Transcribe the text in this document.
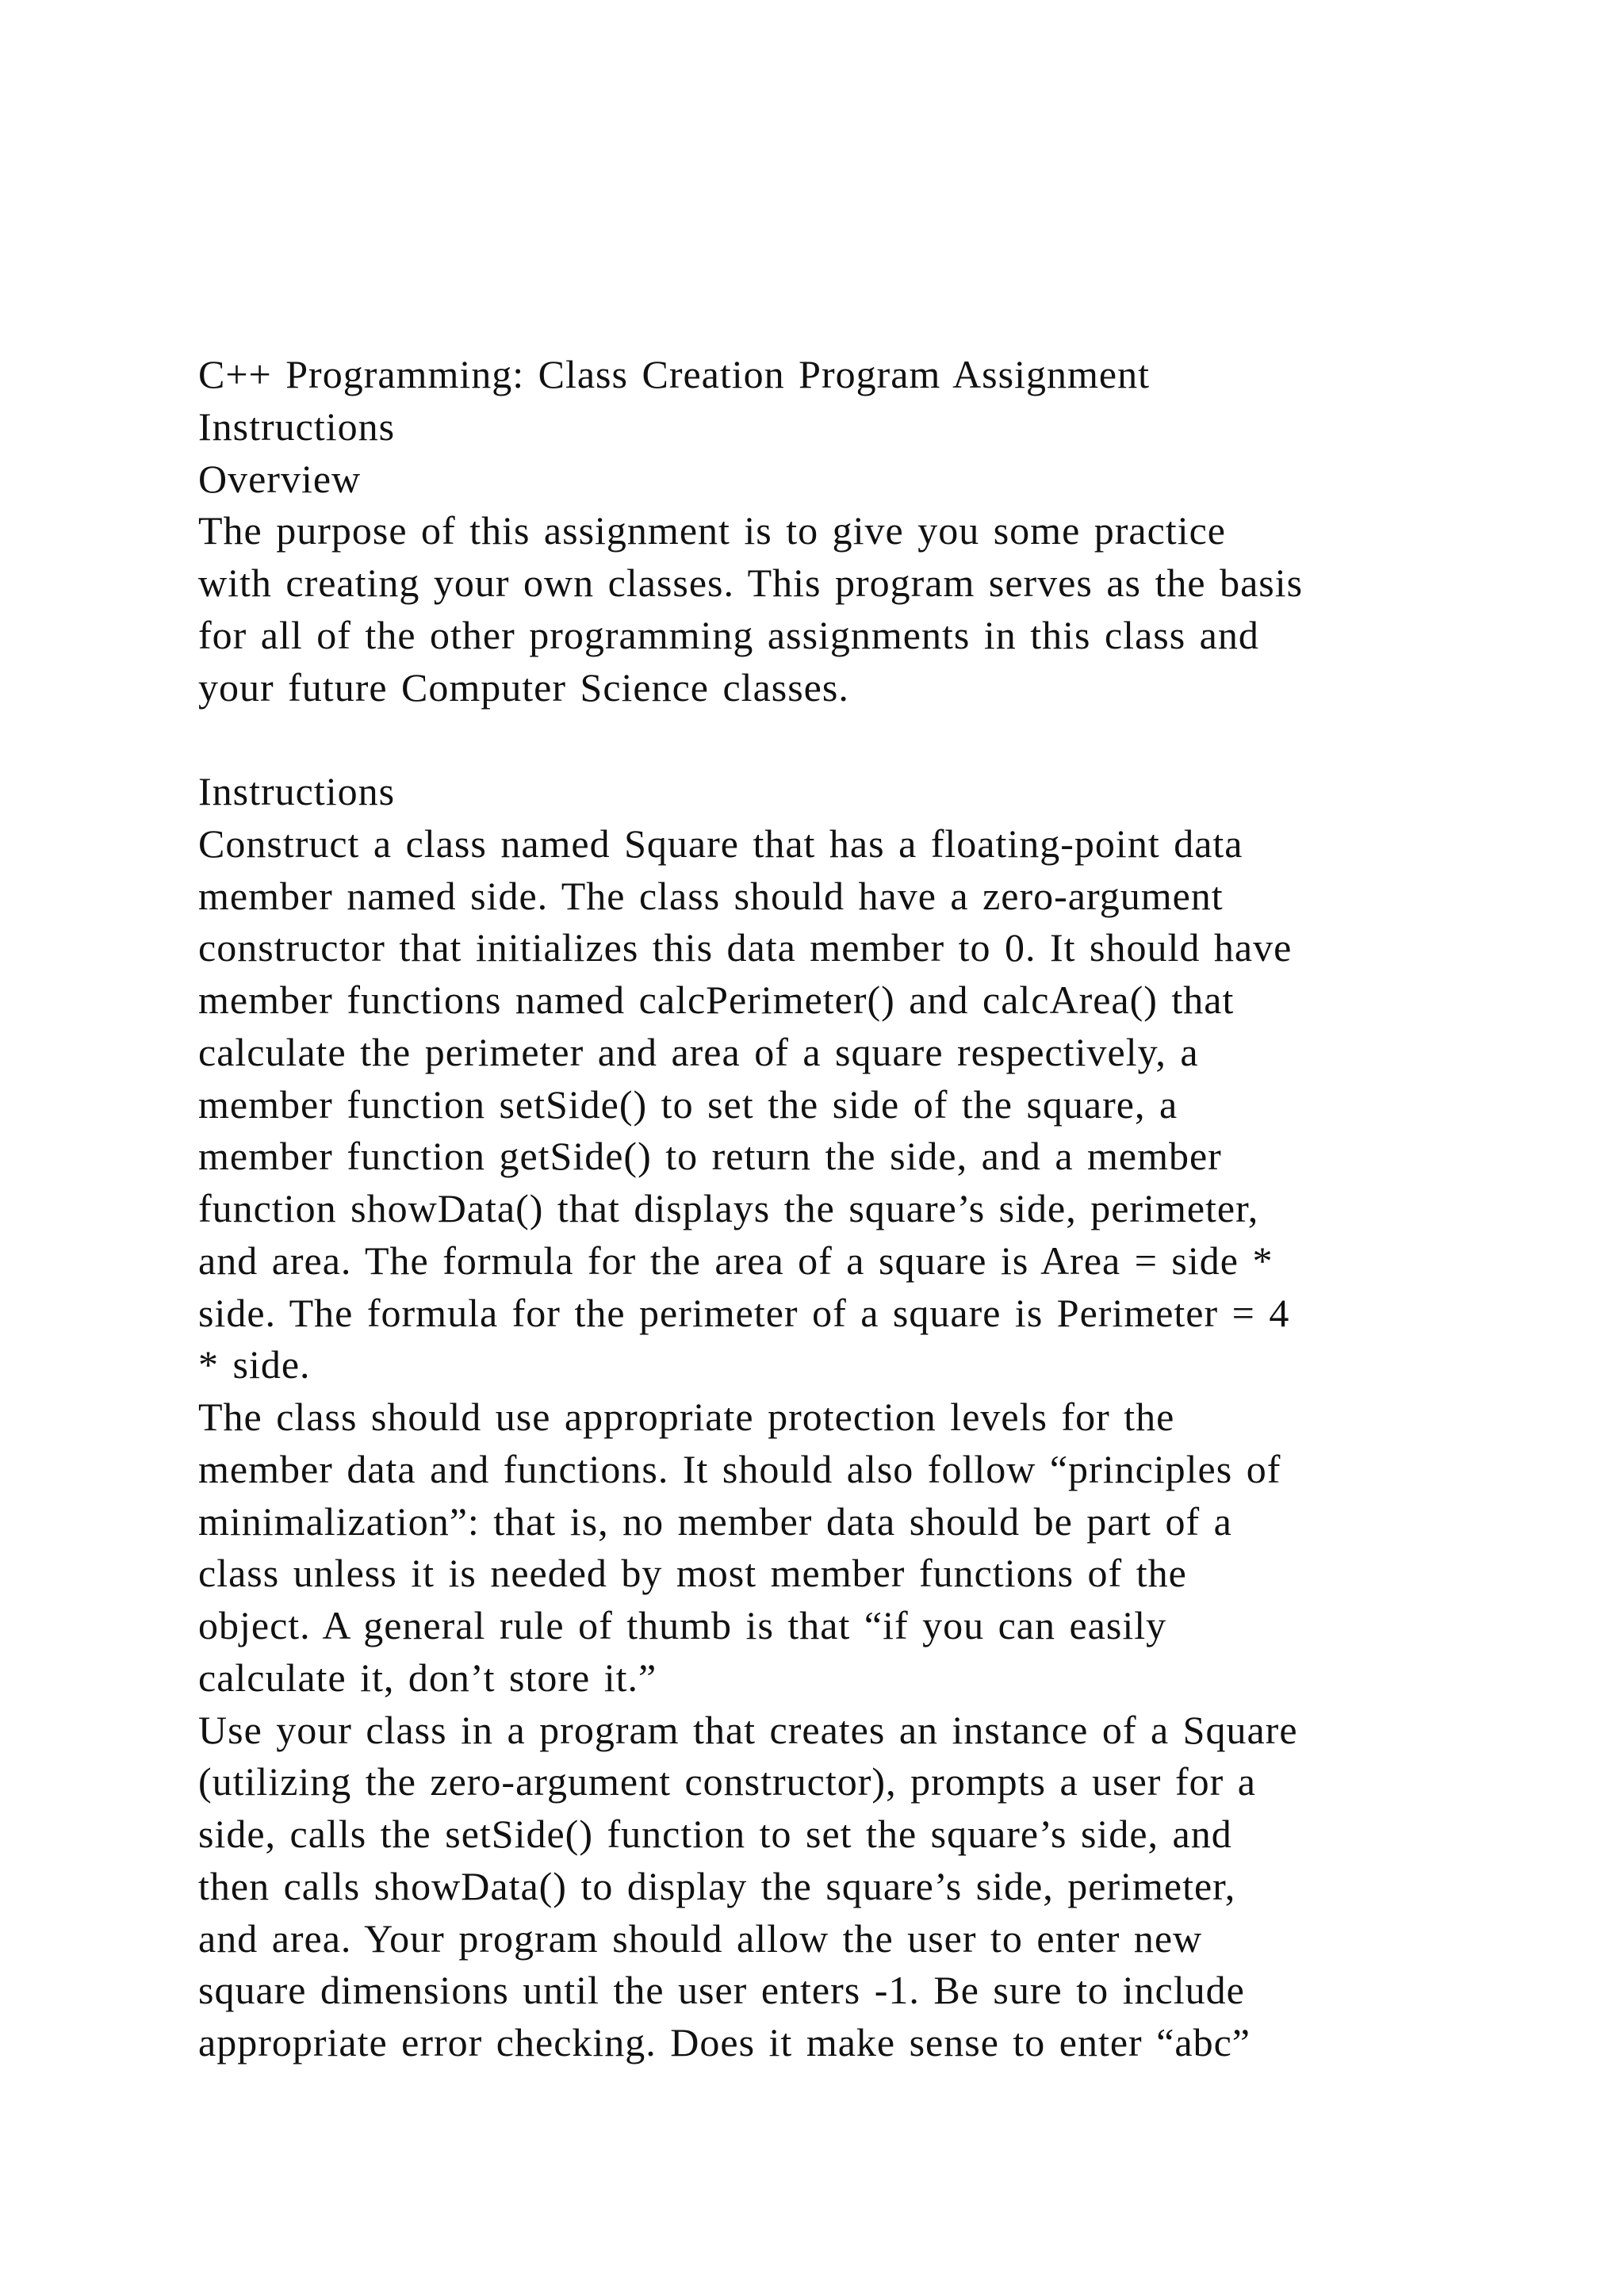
C++ Programming: Class Creation Program Assignment
Instructions
Overview
The purpose of this assignment is to give you some practice
with creating your own classes. This program serves as the basis
for all of the other programming assignments in this class and
your future Computer Science classes.
Instructions
Construct a class named Square that has a floating-point data
member named side. The class should have a zero-argument
constructor that initializes this data member to 0. It should have
member functions named calcPerimeter() and calcArea() that
calculate the perimeter and area of a square respectively, a
member function setSide() to set the side of the square, a
member function getSide() to return the side, and a member
function showData() that displays the square’s side, perimeter,
and area. The formula for the area of a square is Area = side *
side. The formula for the perimeter of a square is Perimeter = 4
* side.
The class should use appropriate protection levels for the
member data and functions. It should also follow “principles of
minimalization”: that is, no member data should be part of a
class unless it is needed by most member functions of the
object. A general rule of thumb is that “if you can easily
calculate it, don’t store it.”
Use your class in a program that creates an instance of a Square
(utilizing the zero-argument constructor), prompts a user for a
side, calls the setSide() function to set the square’s side, and
then calls showData() to display the square’s side, perimeter,
and area. Your program should allow the user to enter new
square dimensions until the user enters -1. Be sure to include
appropriate error checking. Does it make sense to enter “abc”
